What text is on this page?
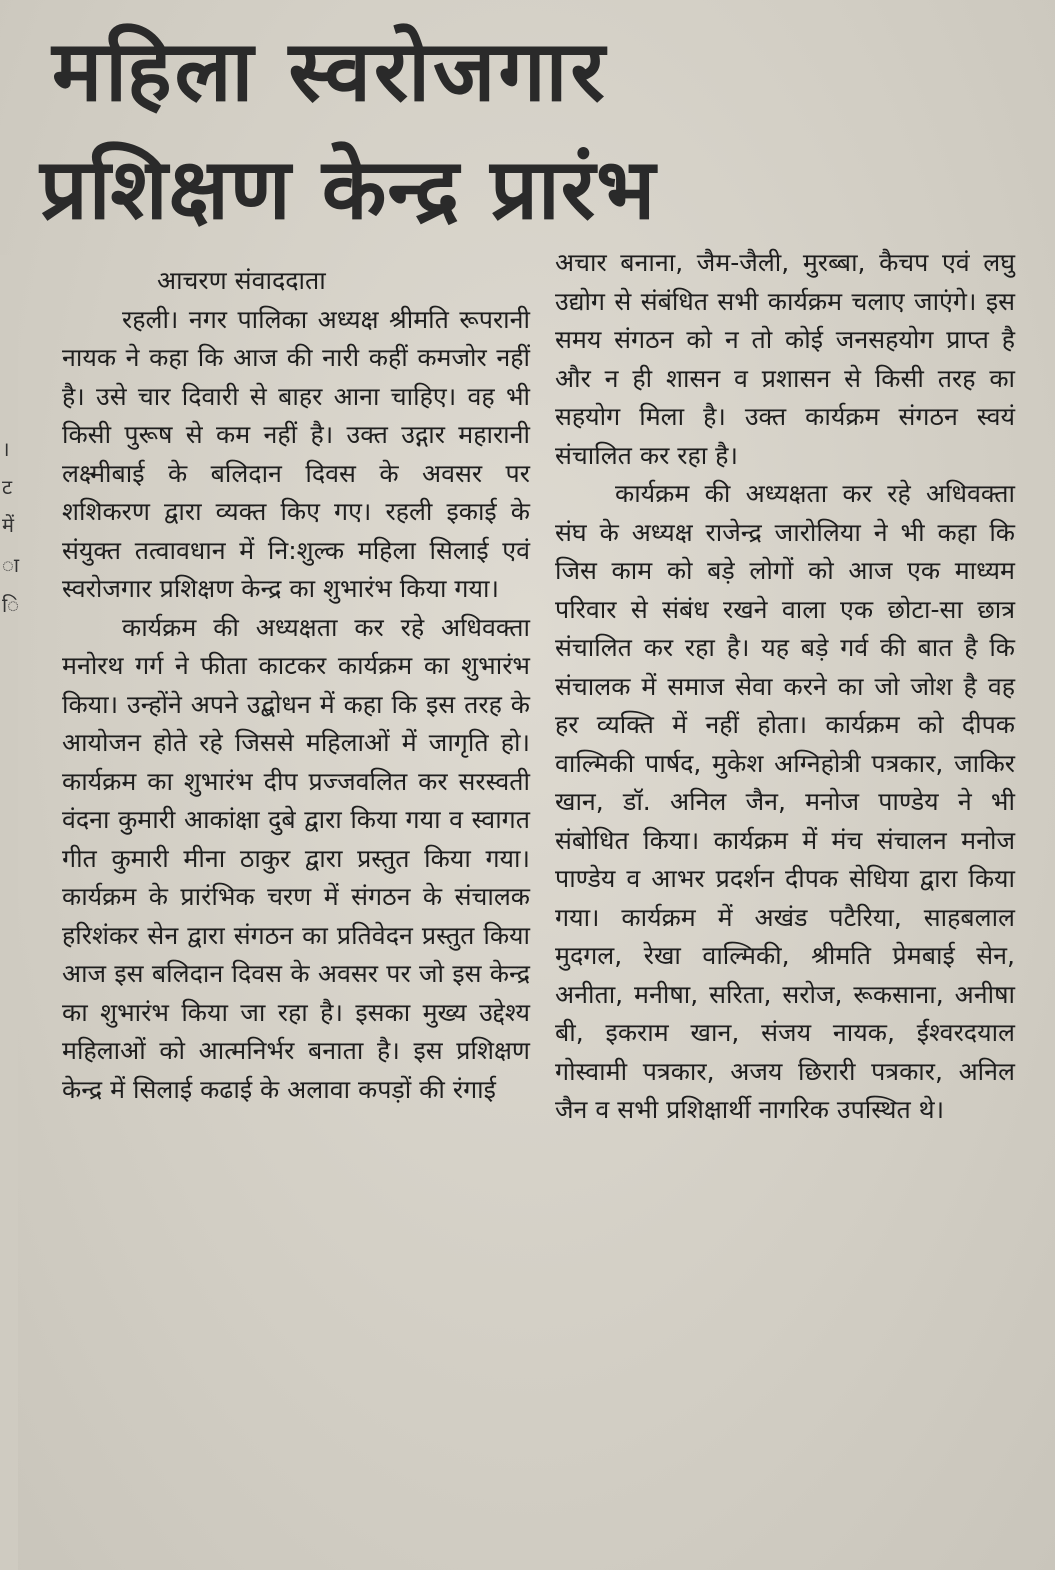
।
ट
में
ा
ि
महिला स्वरोजगार
प्रशिक्षण केन्द्र प्रारंभ

आचरण संवाददाता

रहली। नगर पालिका अध्यक्ष श्रीमति रूपरानी नायक ने कहा कि आज की नारी कहीं कमजोर नहीं है। उसे चार दिवारी से बाहर आना चाहिए। वह भी किसी पुरूष से कम नहीं है। उक्त उद्गार महारानी लक्ष्मीबाई के बलिदान दिवस के अवसर पर शशिकरण द्वारा व्यक्त किए गए। रहली इकाई के संयुक्त तत्वावधान में नि:शुल्क महिला सिलाई एवं स्वरोजगार प्रशिक्षण केन्द्र का शुभारंभ किया गया।

कार्यक्रम की अध्यक्षता कर रहे अधिवक्ता मनोरथ गर्ग ने फीता काटकर कार्यक्रम का शुभारंभ किया। उन्होंने अपने उद्बोधन में कहा कि इस तरह के आयोजन होते रहे जिससे महिलाओं में जागृति हो। कार्यक्रम का शुभारंभ दीप प्रज्जवलित कर सरस्वती वंदना कुमारी आकांक्षा दुबे द्वारा किया गया व स्वागत गीत कुमारी मीना ठाकुर द्वारा प्रस्तुत किया गया। कार्यक्रम के प्रारंभिक चरण में संगठन के संचालक हरिशंकर सेन द्वारा संगठन का प्रतिवेदन प्रस्तुत किया आज इस बलिदान दिवस के अवसर पर जो इस केन्द्र का शुभारंभ किया जा रहा है। इसका मुख्य उद्देश्य महिलाओं को आत्मनिर्भर बनाता है। इस प्रशिक्षण केन्द्र में सिलाई कढाई के अलावा कपड़ों की रंगाई

अचार बनाना, जैम-जैली, मुरब्बा, कैचप एवं लघु उद्योग से संबंधित सभी कार्यक्रम चलाए जाएंगे। इस समय संगठन को न तो कोई जनसहयोग प्राप्त है और न ही शासन व प्रशासन से किसी तरह का सहयोग मिला है। उक्त कार्यक्रम संगठन स्वयं संचालित कर रहा है।

कार्यक्रम की अध्यक्षता कर रहे अधिवक्ता संघ के अध्यक्ष राजेन्द्र जारोलिया ने भी कहा कि जिस काम को बड़े लोगों को आज एक माध्यम परिवार से संबंध रखने वाला एक छोटा-सा छात्र संचालित कर रहा है। यह बड़े गर्व की बात है कि संचालक में समाज सेवा करने का जो जोश है वह हर व्यक्ति में नहीं होता। कार्यक्रम को दीपक वाल्मिकी पार्षद, मुकेश अग्निहोत्री पत्रकार, जाकिर खान, डॉ. अनिल जैन, मनोज पाण्डेय ने भी संबोधित किया। कार्यक्रम में मंच संचालन मनोज पाण्डेय व आभर प्रदर्शन दीपक सेधिया द्वारा किया गया। कार्यक्रम में अखंड पटैरिया, साहबलाल मुदगल, रेखा वाल्मिकी, श्रीमति प्रेमबाई सेन, अनीता, मनीषा, सरिता, सरोज, रूकसाना, अनीषा बी, इकराम खान, संजय नायक, ईश्वरदयाल गोस्वामी पत्रकार, अजय छिरारी पत्रकार, अनिल जैन व सभी प्रशिक्षार्थी नागरिक उपस्थित थे।
